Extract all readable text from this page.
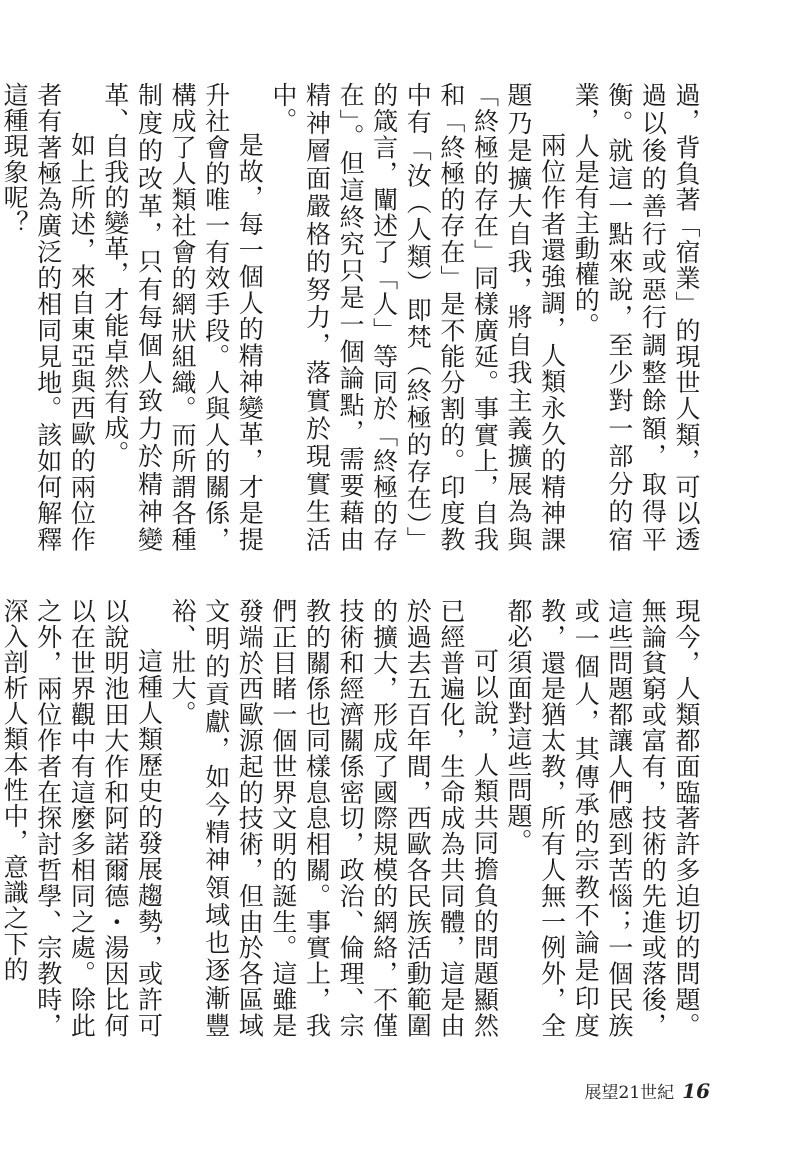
過，背負著「宿業」的現世人類，可以透過以後的善行或惡行調整餘額，取得平衡。就這一點來說，至少對一部分的宿業，人是有主動權的。

兩位作者還強調，人類永久的精神課題乃是擴大自我，將自我主義擴展為與「終極的存在」同樣廣延。事實上，自我和「終極的存在」是不能分割的。印度教中有「汝（人類）即梵（終極的存在）」的箴言，闡述了「人」等同於「終極的存在」。但這終究只是一個論點，需要藉由精神層面嚴格的努力，落實於現實生活中。

是故，每一個人的精神變革，才是提升社會的唯一有效手段。人與人的關係，構成了人類社會的網狀組織。而所謂各種制度的改革，只有每個人致力於精神變革、自我的變革，才能卓然有成。

如上所述，來自東亞與西歐的兩位作者有著極為廣泛的相同見地。該如何解釋這種現象呢？

現今，人類都面臨著許多迫切的問題。無論貧窮或富有，技術的先進或落後，這些問題都讓人們感到苦惱；一個民族或一個人，其傳承的宗教不論是印度教，還是猶太教，所有人無一例外，全都必須面對這些問題。

可以說，人類共同擔負的問題顯然已經普遍化，生命成為共同體，這是由於過去五百年間，西歐各民族活動範圍的擴大，形成了國際規模的網絡，不僅技術和經濟關係密切，政治、倫理、宗教的關係也同樣息息相關。事實上，我們正目睹一個世界文明的誕生。這雖是發端於西歐源起的技術，但由於各區域文明的貢獻，如今精神領域也逐漸豐裕、壯大。

這種人類歷史的發展趨勢，或許可以說明池田大作和阿諾爾德・湯因比何以在世界觀中有這麼多相同之處。除此之外，兩位作者在探討哲學、宗教時，深入剖析人類本性中，意識之下的

展望21世紀 16
